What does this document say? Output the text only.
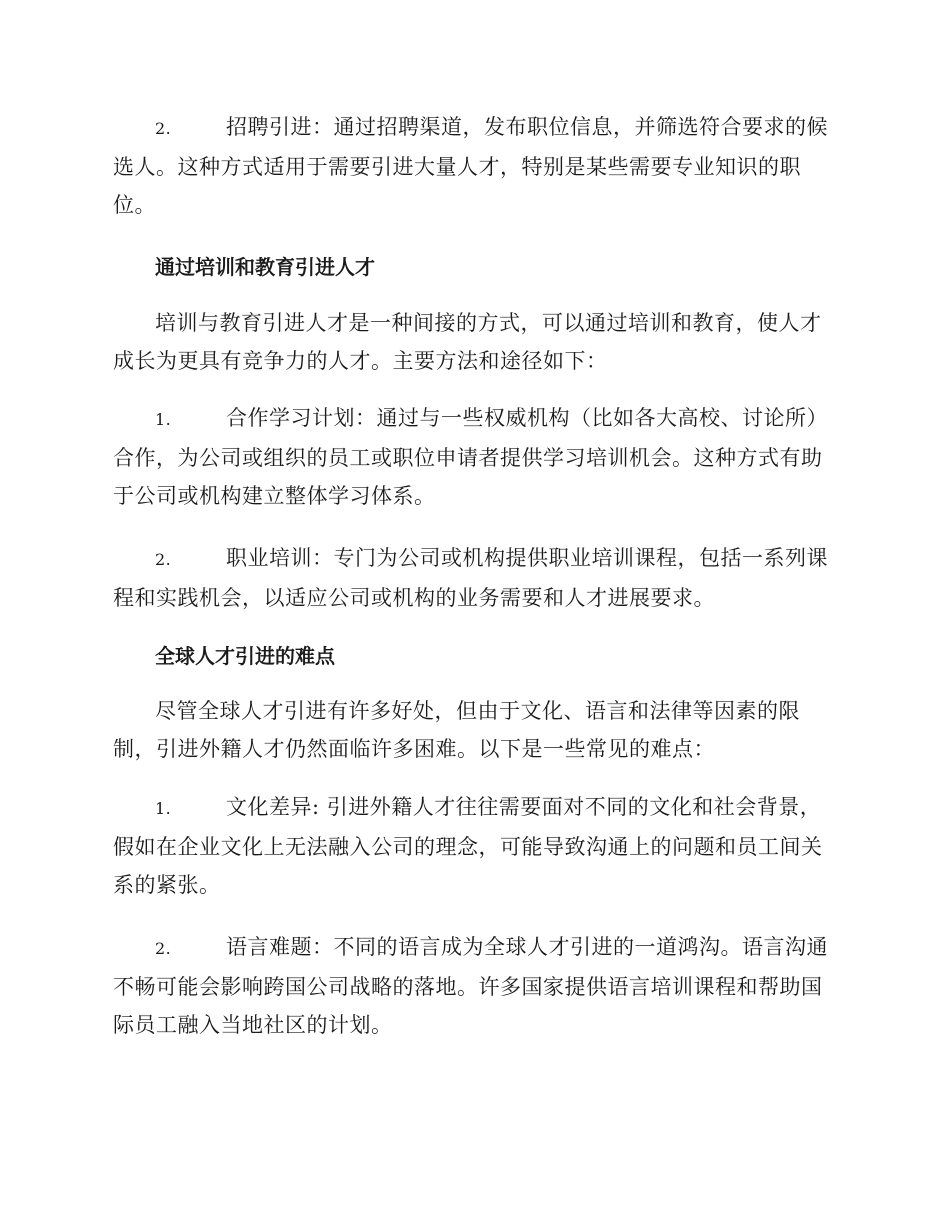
2.	招聘引进：通过招聘渠道，发布职位信息，并筛选符合要求的候选人。这种方式适用于需要引进大量人才，特别是某些需要专业知识的职位。

通过培训和教育引进人才

培训与教育引进人才是一种间接的方式，可以通过培训和教育，使人才成长为更具有竞争力的人才。主要方法和途径如下：

1.	合作学习计划：通过与一些权威机构（比如各大高校、讨论所）合作，为公司或组织的员工或职位申请者提供学习培训机会。这种方式有助于公司或机构建立整体学习体系。

2.	职业培训：专门为公司或机构提供职业培训课程，包括一系列课程和实践机会，以适应公司或机构的业务需要和人才进展要求。

全球人才引进的难点

尽管全球人才引进有许多好处，但由于文化、语言和法律等因素的限制，引进外籍人才仍然面临许多困难。以下是一些常见的难点：

1.	文化差异: 引进外籍人才往往需要面对不同的文化和社会背景，假如在企业文化上无法融入公司的理念，可能导致沟通上的问题和员工间关系的紧张。

2.	语言难题：不同的语言成为全球人才引进的一道鸿沟。语言沟通不畅可能会影响跨国公司战略的落地。许多国家提供语言培训课程和帮助国际员工融入当地社区的计划。
